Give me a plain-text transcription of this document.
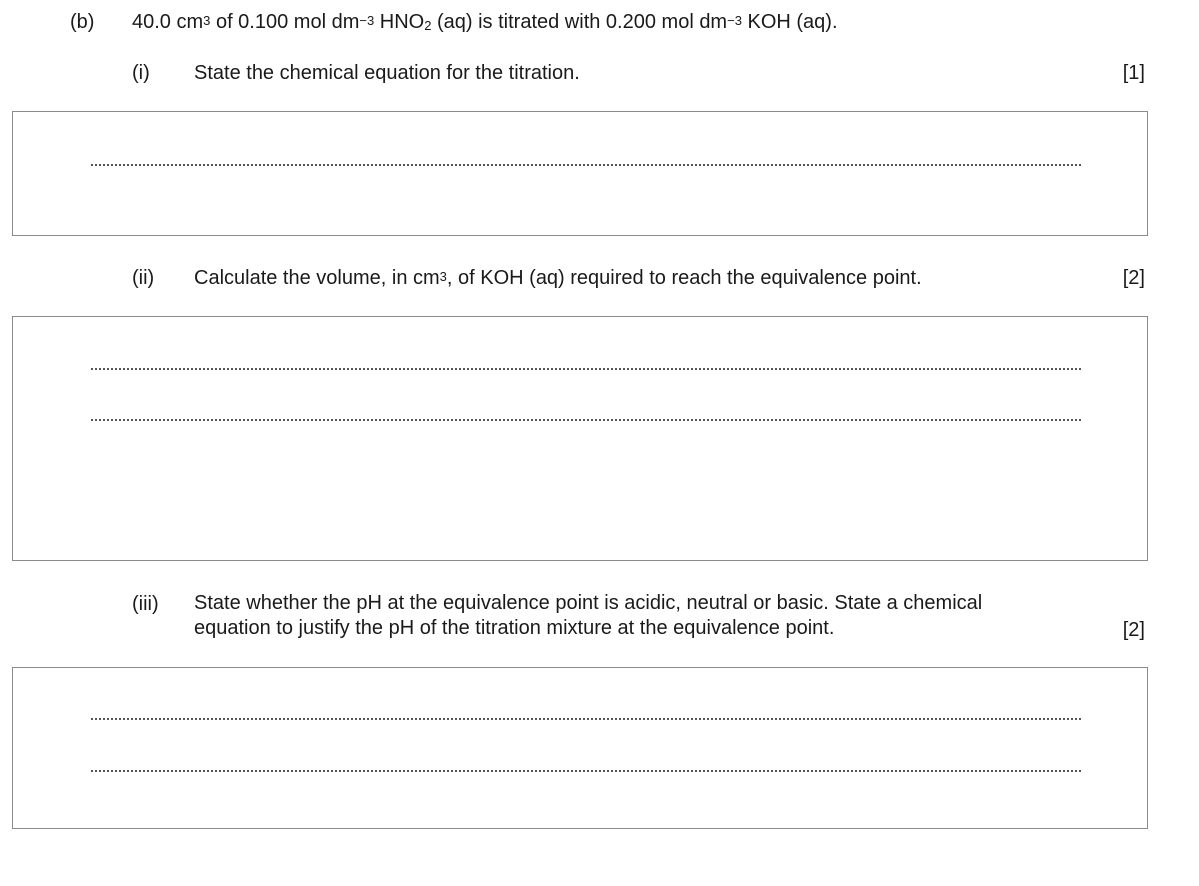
(b) 40.0 $cm^3$ of 0.100 mol $dm^{-3}$ $HNO_2$ (aq) is titrated with 0.200 mol $dm^{-3}$ KOH (aq).
(i) State the chemical equation for the titration.	[1]
(ii) Calculate the volume, in $cm^3$, of KOH (aq) required to reach the equivalence point.	[2]
(iii) State whether the pH at the equivalence point is acidic, neutral or basic. State a chemical
equation to justify the pH of the titration mixture at the equivalence point.	[2]
